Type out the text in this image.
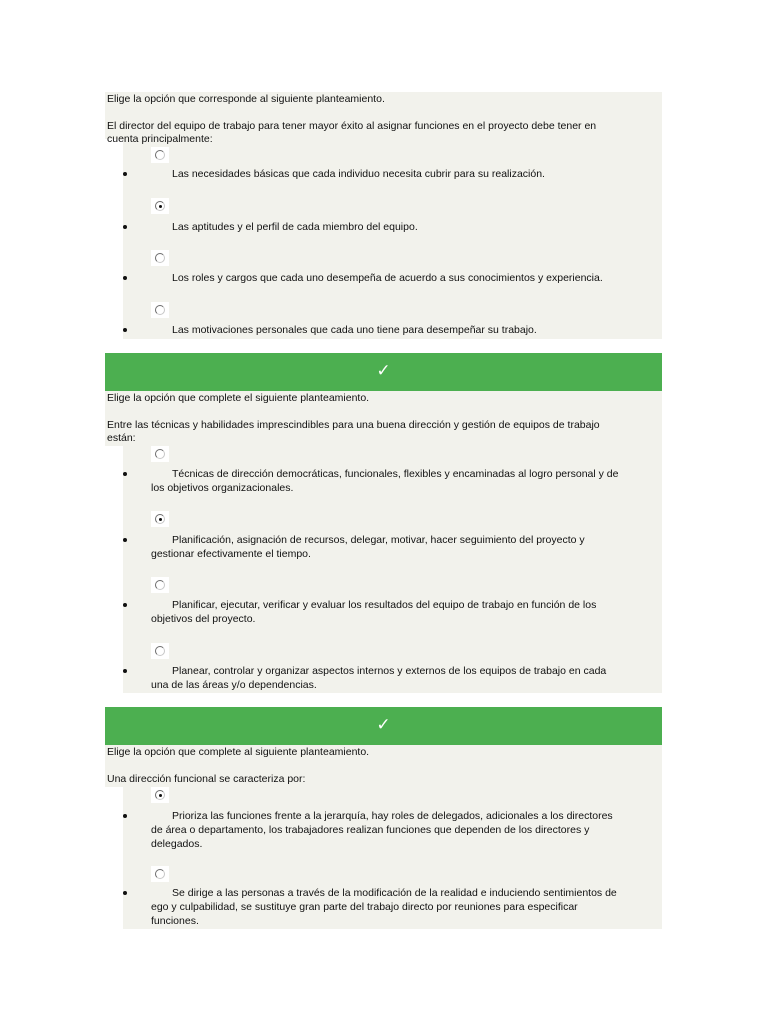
Elige la opción que corresponde al siguiente planteamiento.
El director del equipo de trabajo para tener mayor éxito al asignar funciones en el proyecto debe tener en
cuenta principalmente:
Las necesidades básicas que cada individuo necesita cubrir para su realización.
Las aptitudes y el perfil de cada miembro del equipo.
Los roles y cargos que cada uno desempeña de acuerdo a sus conocimientos y experiencia.
Las motivaciones personales que cada uno tiene para desempeñar su trabajo.
✓
Elige la opción que complete el siguiente planteamiento.
Entre las técnicas y habilidades imprescindibles para una buena dirección y gestión de equipos de trabajo
están:
Técnicas de dirección democráticas, funcionales, flexibles y encaminadas al logro personal y de
los objetivos organizacionales.
Planificación, asignación de recursos, delegar, motivar, hacer seguimiento del proyecto y
gestionar efectivamente el tiempo.
Planificar, ejecutar, verificar y evaluar los resultados del equipo de trabajo en función de los
objetivos del proyecto.
Planear, controlar y organizar aspectos internos y externos de los equipos de trabajo en cada
una de las áreas y/o dependencias.
✓
Elige la opción que complete al siguiente planteamiento.
Una dirección funcional se caracteriza por:
Prioriza las funciones frente a la jerarquía, hay roles de delegados, adicionales a los directores
de área o departamento, los trabajadores realizan funciones que dependen de los directores y
delegados.
Se dirige a las personas a través de la modificación de la realidad e induciendo sentimientos de
ego y culpabilidad, se sustituye gran parte del trabajo directo por reuniones para especificar
funciones.
